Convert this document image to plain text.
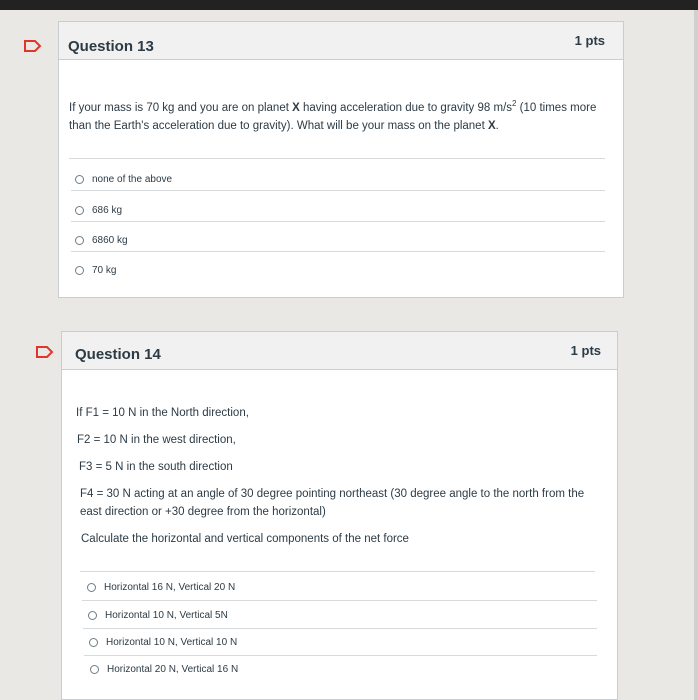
Question 13	1 pts
If your mass is 70 kg and you are on planet X having acceleration due to gravity 98 $m/s^2$ (10 times more than the Earth's acceleration due to gravity). What will be your mass on the planet X.
none of the above
686 kg
6860 kg
70 kg
Question 14	1 pts
If F1 = 10 N in the North direction,
F2 = 10 N in the west direction,
F3 = 5 N in the south direction
F4 = 30 N acting at an angle of 30 degree pointing northeast (30 degree angle to the north from the east direction or +30 degree from the horizontal)
Calculate the horizontal and vertical components of the net force
Horizontal 16 N, Vertical 20 N
Horizontal 10 N, Vertical 5N
Horizontal 10 N, Vertical 10 N
Horizontal 20 N, Vertical 16 N
